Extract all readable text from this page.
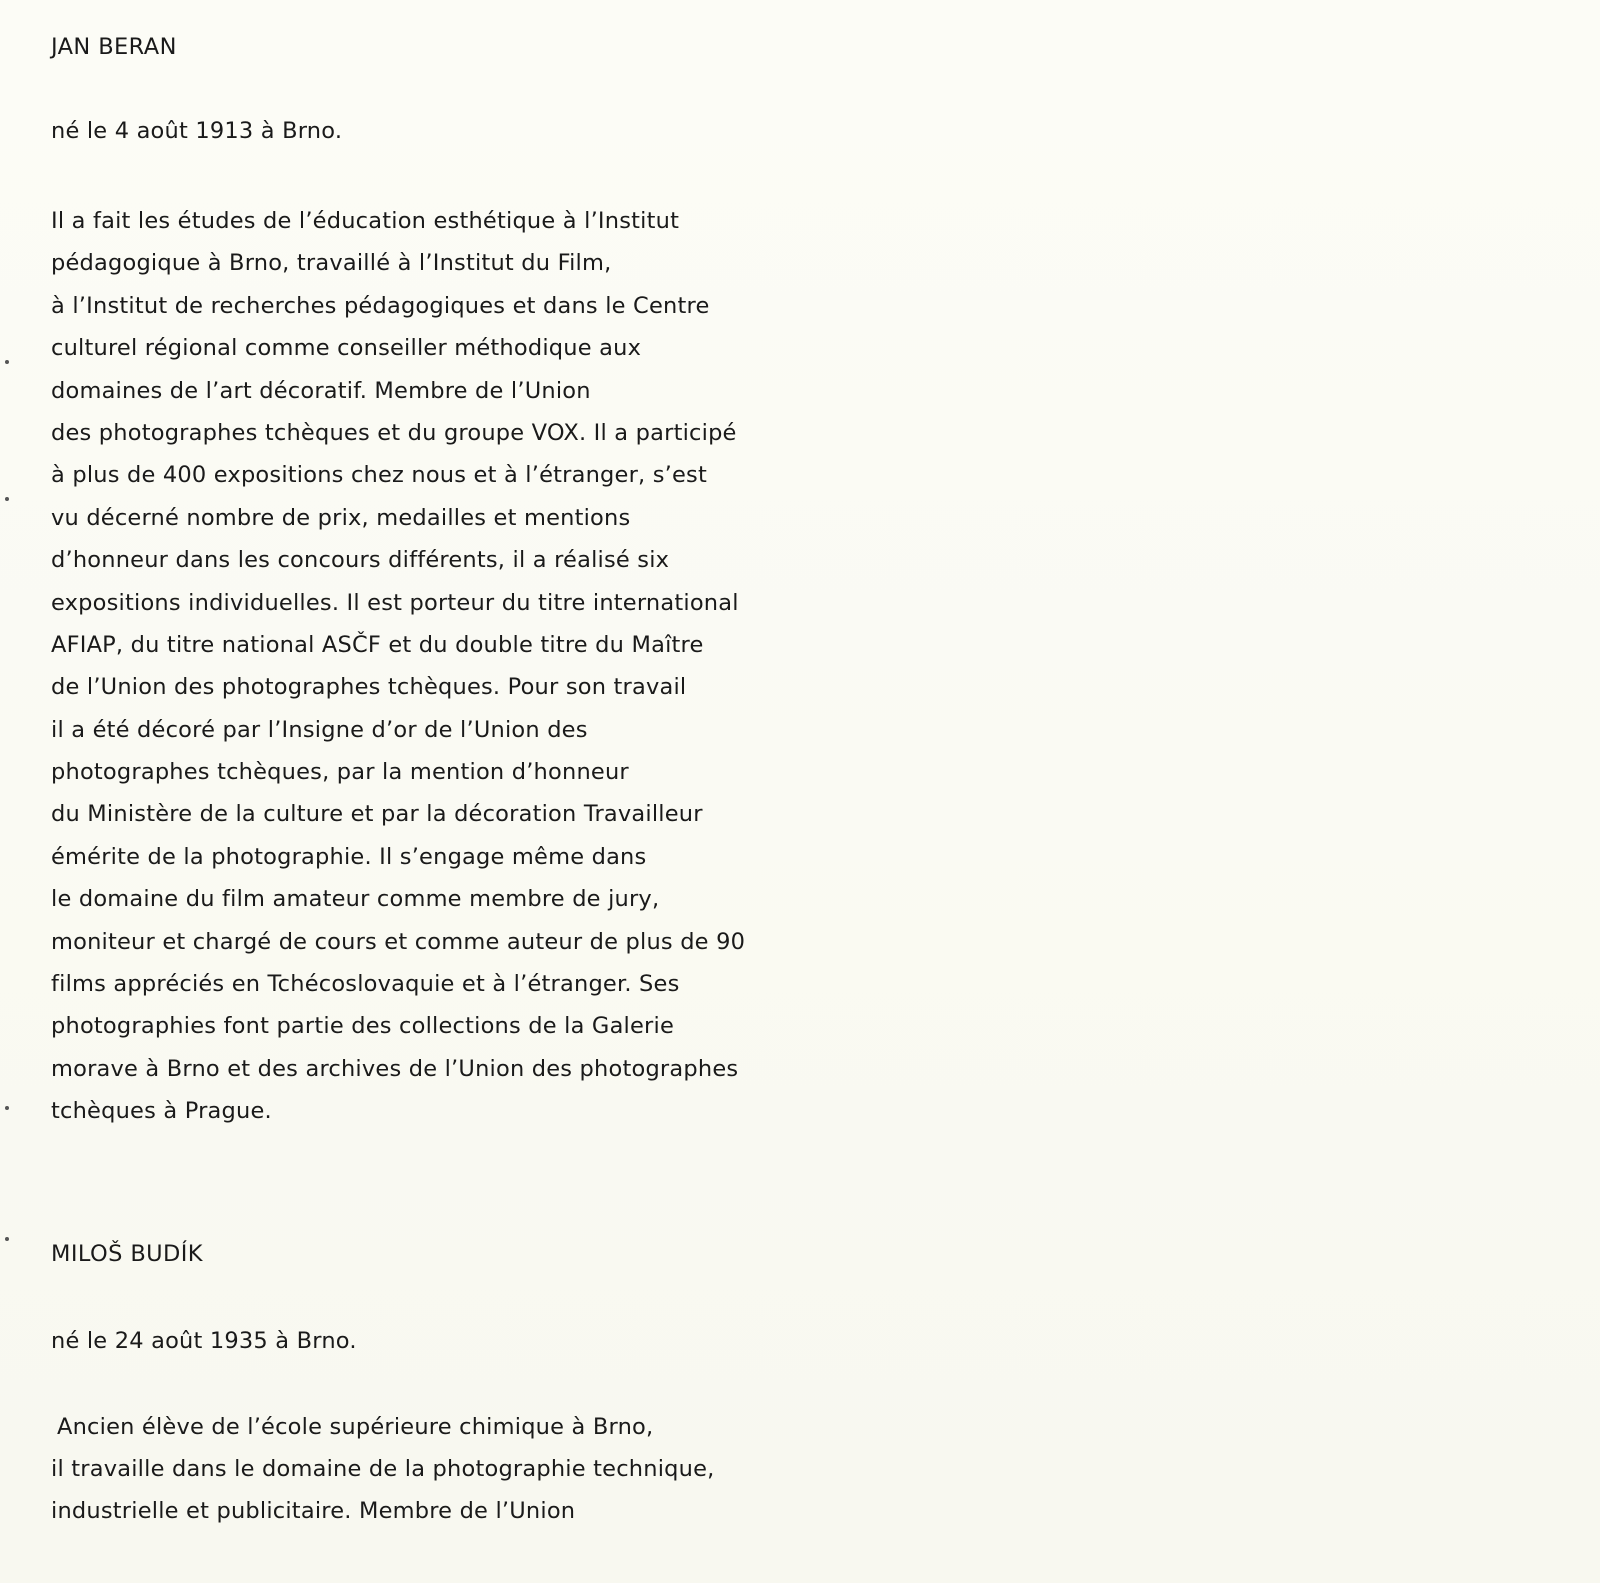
JAN BERAN
né le 4 août 1913 à Brno.
Il a fait les études de l’éducation esthétique à l’Institut
pédagogique à Brno, travaillé à l’Institut du Film,
à l’Institut de recherches pédagogiques et dans le Centre
culturel régional comme conseiller méthodique aux
domaines de l’art décoratif. Membre de l’Union
des photographes tchèques et du groupe VOX. Il a participé
à plus de 400 expositions chez nous et à l’étranger, s’est
vu décerné nombre de prix, medailles et mentions
d’honneur dans les concours différents, il a réalisé six
expositions individuelles. Il est porteur du titre international
AFIAP, du titre national ASČF et du double titre du Maître
de l’Union des photographes tchèques. Pour son travail
il a été décoré par l’Insigne d’or de l’Union des
photographes tchèques, par la mention d’honneur
du Ministère de la culture et par la décoration Travailleur
émérite de la photographie. Il s’engage même dans
le domaine du film amateur comme membre de jury,
moniteur et chargé de cours et comme auteur de plus de 90
films appréciés en Tchécoslovaquie et à l’étranger. Ses
photographies font partie des collections de la Galerie
morave à Brno et des archives de l’Union des photographes
tchèques à Prague.
MILOŠ BUDÍK
né le 24 août 1935 à Brno.
Ancien élève de l’école supérieure chimique à Brno,
il travaille dans le domaine de la photographie technique,
industrielle et publicitaire. Membre de l’Union
